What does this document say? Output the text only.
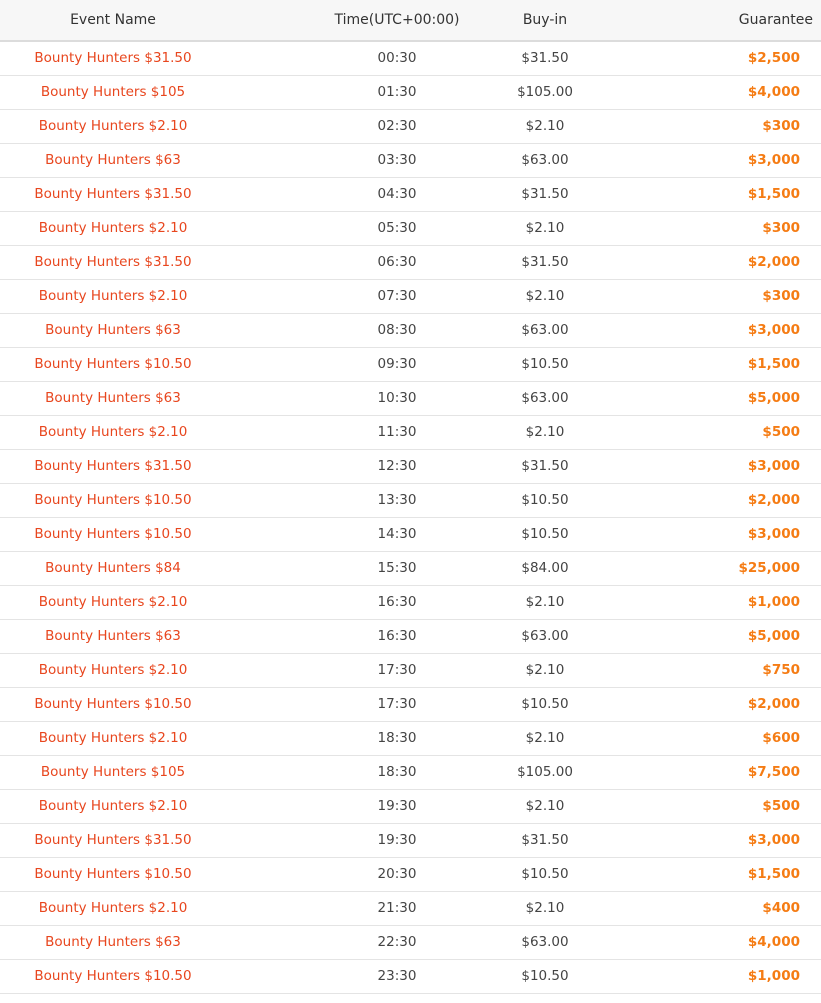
Event Name	Time(UTC+00:00)	Buy-in	Guarantee
Bounty Hunters $31.50	00:30	$31.50	$2,500
Bounty Hunters $105	01:30	$105.00	$4,000
Bounty Hunters $2.10	02:30	$2.10	$300
Bounty Hunters $63	03:30	$63.00	$3,000
Bounty Hunters $31.50	04:30	$31.50	$1,500
Bounty Hunters $2.10	05:30	$2.10	$300
Bounty Hunters $31.50	06:30	$31.50	$2,000
Bounty Hunters $2.10	07:30	$2.10	$300
Bounty Hunters $63	08:30	$63.00	$3,000
Bounty Hunters $10.50	09:30	$10.50	$1,500
Bounty Hunters $63	10:30	$63.00	$5,000
Bounty Hunters $2.10	11:30	$2.10	$500
Bounty Hunters $31.50	12:30	$31.50	$3,000
Bounty Hunters $10.50	13:30	$10.50	$2,000
Bounty Hunters $10.50	14:30	$10.50	$3,000
Bounty Hunters $84	15:30	$84.00	$25,000
Bounty Hunters $2.10	16:30	$2.10	$1,000
Bounty Hunters $63	16:30	$63.00	$5,000
Bounty Hunters $2.10	17:30	$2.10	$750
Bounty Hunters $10.50	17:30	$10.50	$2,000
Bounty Hunters $2.10	18:30	$2.10	$600
Bounty Hunters $105	18:30	$105.00	$7,500
Bounty Hunters $2.10	19:30	$2.10	$500
Bounty Hunters $31.50	19:30	$31.50	$3,000
Bounty Hunters $10.50	20:30	$10.50	$1,500
Bounty Hunters $2.10	21:30	$2.10	$400
Bounty Hunters $63	22:30	$63.00	$4,000
Bounty Hunters $10.50	23:30	$10.50	$1,000
